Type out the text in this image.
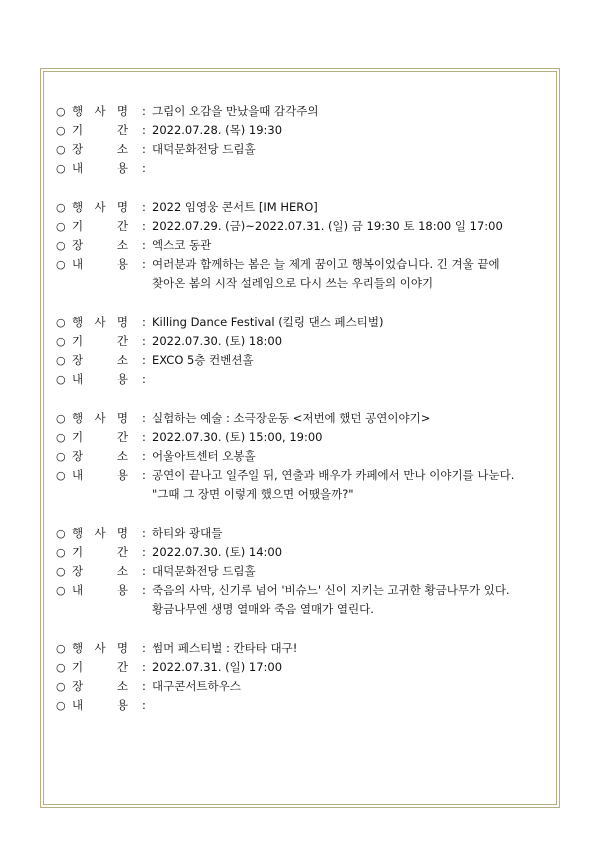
○ 행 사 명 : 그림이 오감을 만났을때 감각주의
○ 기	간 : 2022.07.28. (목) 19:30
○ 장	소 : 대덕문화전당 드림홀
○ 내	용 :
○ 행 사 명 : 2022 임영웅 콘서트 [IM HERO]
○ 기	간 : 2022.07.29. (금)~2022.07.31. (일) 금 19:30 토 18:00 일 17:00
○ 장	소 : 엑스코 동관
○ 내	용 : 여러분과 함께하는 봄은 늘 제게 꿈이고 행복이었습니다. 긴 겨울 끝에
찾아온 봄의 시작 설레임으로 다시 쓰는 우리들의 이야기
○ 행 사 명 : Killing Dance Festival (킬링 댄스 페스티벌)
○ 기	간 : 2022.07.30. (토) 18:00
○ 장	소 : EXCO 5층 컨벤션홀
○ 내	용 :
○ 행 사 명 : 실험하는 예술 : 소극장운동 <저번에 했던 공연이야기>
○ 기	간 : 2022.07.30. (토) 15:00, 19:00
○ 장	소 : 어울아트센터 오봉홀
○ 내	용 : 공연이 끝나고 일주일 뒤, 연출과 배우가 카페에서 만나 이야기를 나눈다.
"그때 그 장면 이렇게 했으면 어땠을까?"
○ 행 사 명 : 하티와 광대들
○ 기	간 : 2022.07.30. (토) 14:00
○ 장	소 : 대덕문화전당 드림홀
○ 내	용 : 죽음의 사막, 신기루 넘어 '비슈느' 신이 지키는 고귀한 황금나무가 있다.
황금나무엔 생명 열매와 죽음 열매가 열린다.
○ 행 사 명 : 썸머 페스티벌 : 칸타타 대구!
○ 기	간 : 2022.07.31. (일) 17:00
○ 장	소 : 대구콘서트하우스
○ 내	용 :
